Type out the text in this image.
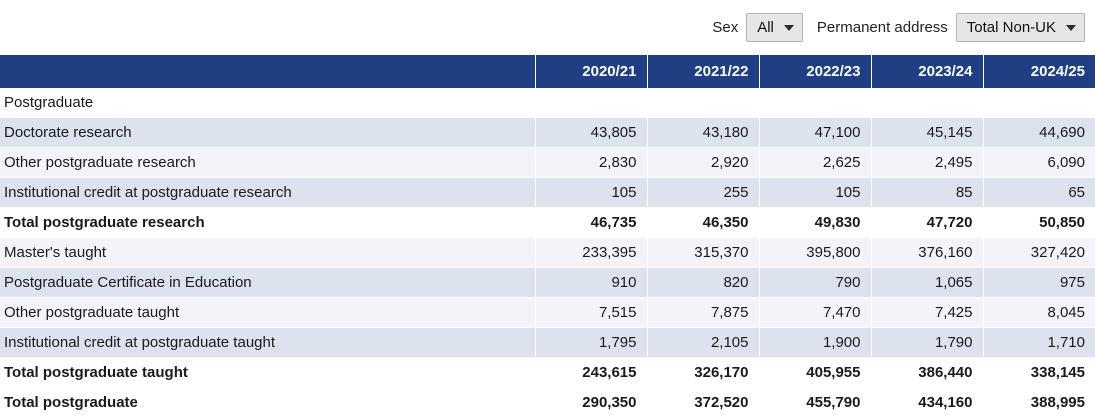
Sex All	Permanent address Total Non-UK
	2020/21	2021/22	2022/23	2023/24	2024/25
Postgraduate					
Doctorate research	43,805	43,180	47,100	45,145	44,690
Other postgraduate research	2,830	2,920	2,625	2,495	6,090
Institutional credit at postgraduate research	105	255	105	85	65
Total postgraduate research	46,735	46,350	49,830	47,720	50,850
Master's taught	233,395	315,370	395,800	376,160	327,420
Postgraduate Certificate in Education	910	820	790	1,065	975
Other postgraduate taught	7,515	7,875	7,470	7,425	8,045
Institutional credit at postgraduate taught	1,795	2,105	1,900	1,790	1,710
Total postgraduate taught	243,615	326,170	405,955	386,440	338,145
Total postgraduate	290,350	372,520	455,790	434,160	388,995
